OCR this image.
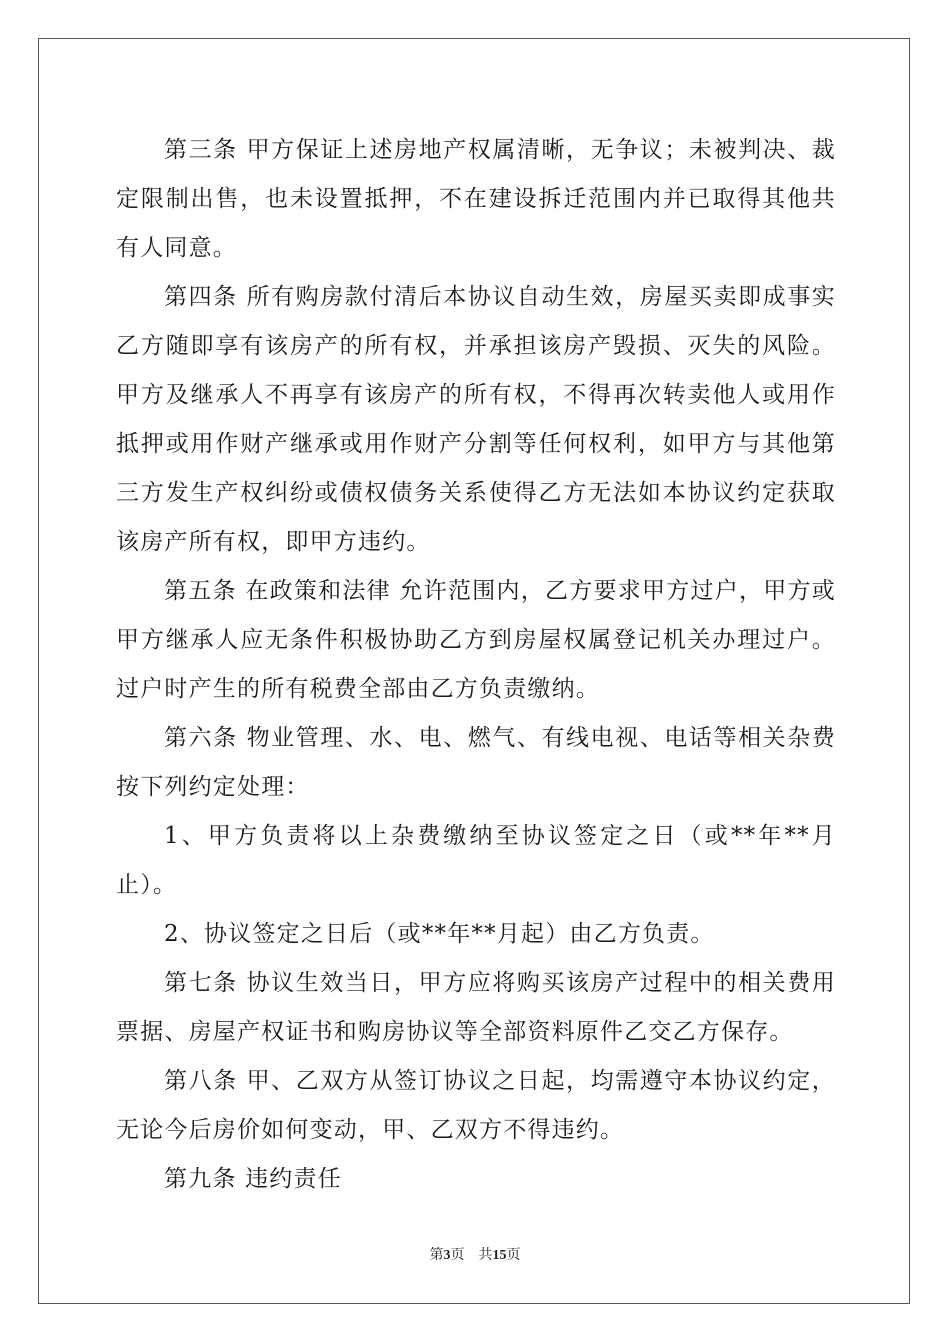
第三条 甲方保证上述房地产权属清晰，无争议；未被判决、裁定限制出售，也未设置抵押，不在建设拆迁范围内并已取得其他共有人同意。

第四条 所有购房款付清后本协议自动生效，房屋买卖即成事实乙方随即享有该房产的所有权，并承担该房产毁损、灭失的风险。甲方及继承人不再享有该房产的所有权，不得再次转卖他人或用作抵押或用作财产继承或用作财产分割等任何权利，如甲方与其他第三方发生产权纠纷或债权债务关系使得乙方无法如本协议约定获取该房产所有权，即甲方违约。

第五条 在政策和法律 允许范围内，乙方要求甲方过户，甲方或甲方继承人应无条件积极协助乙方到房屋权属登记机关办理过户。过户时产生的所有税费全部由乙方负责缴纳。

第六条 物业管理、水、电、燃气、有线电视、电话等相关杂费按下列约定处理：

1、甲方负责将以上杂费缴纳至协议签定之日（或**年**月止）。

2、协议签定之日后（或**年**月起）由乙方负责。

第七条 协议生效当日，甲方应将购买该房产过程中的相关费用票据、房屋产权证书和购房协议等全部资料原件乙交乙方保存。

第八条 甲、乙双方从签订协议之日起，均需遵守本协议约定，无论今后房价如何变动，甲、乙双方不得违约。

第九条 违约责任

第3页　共15页
